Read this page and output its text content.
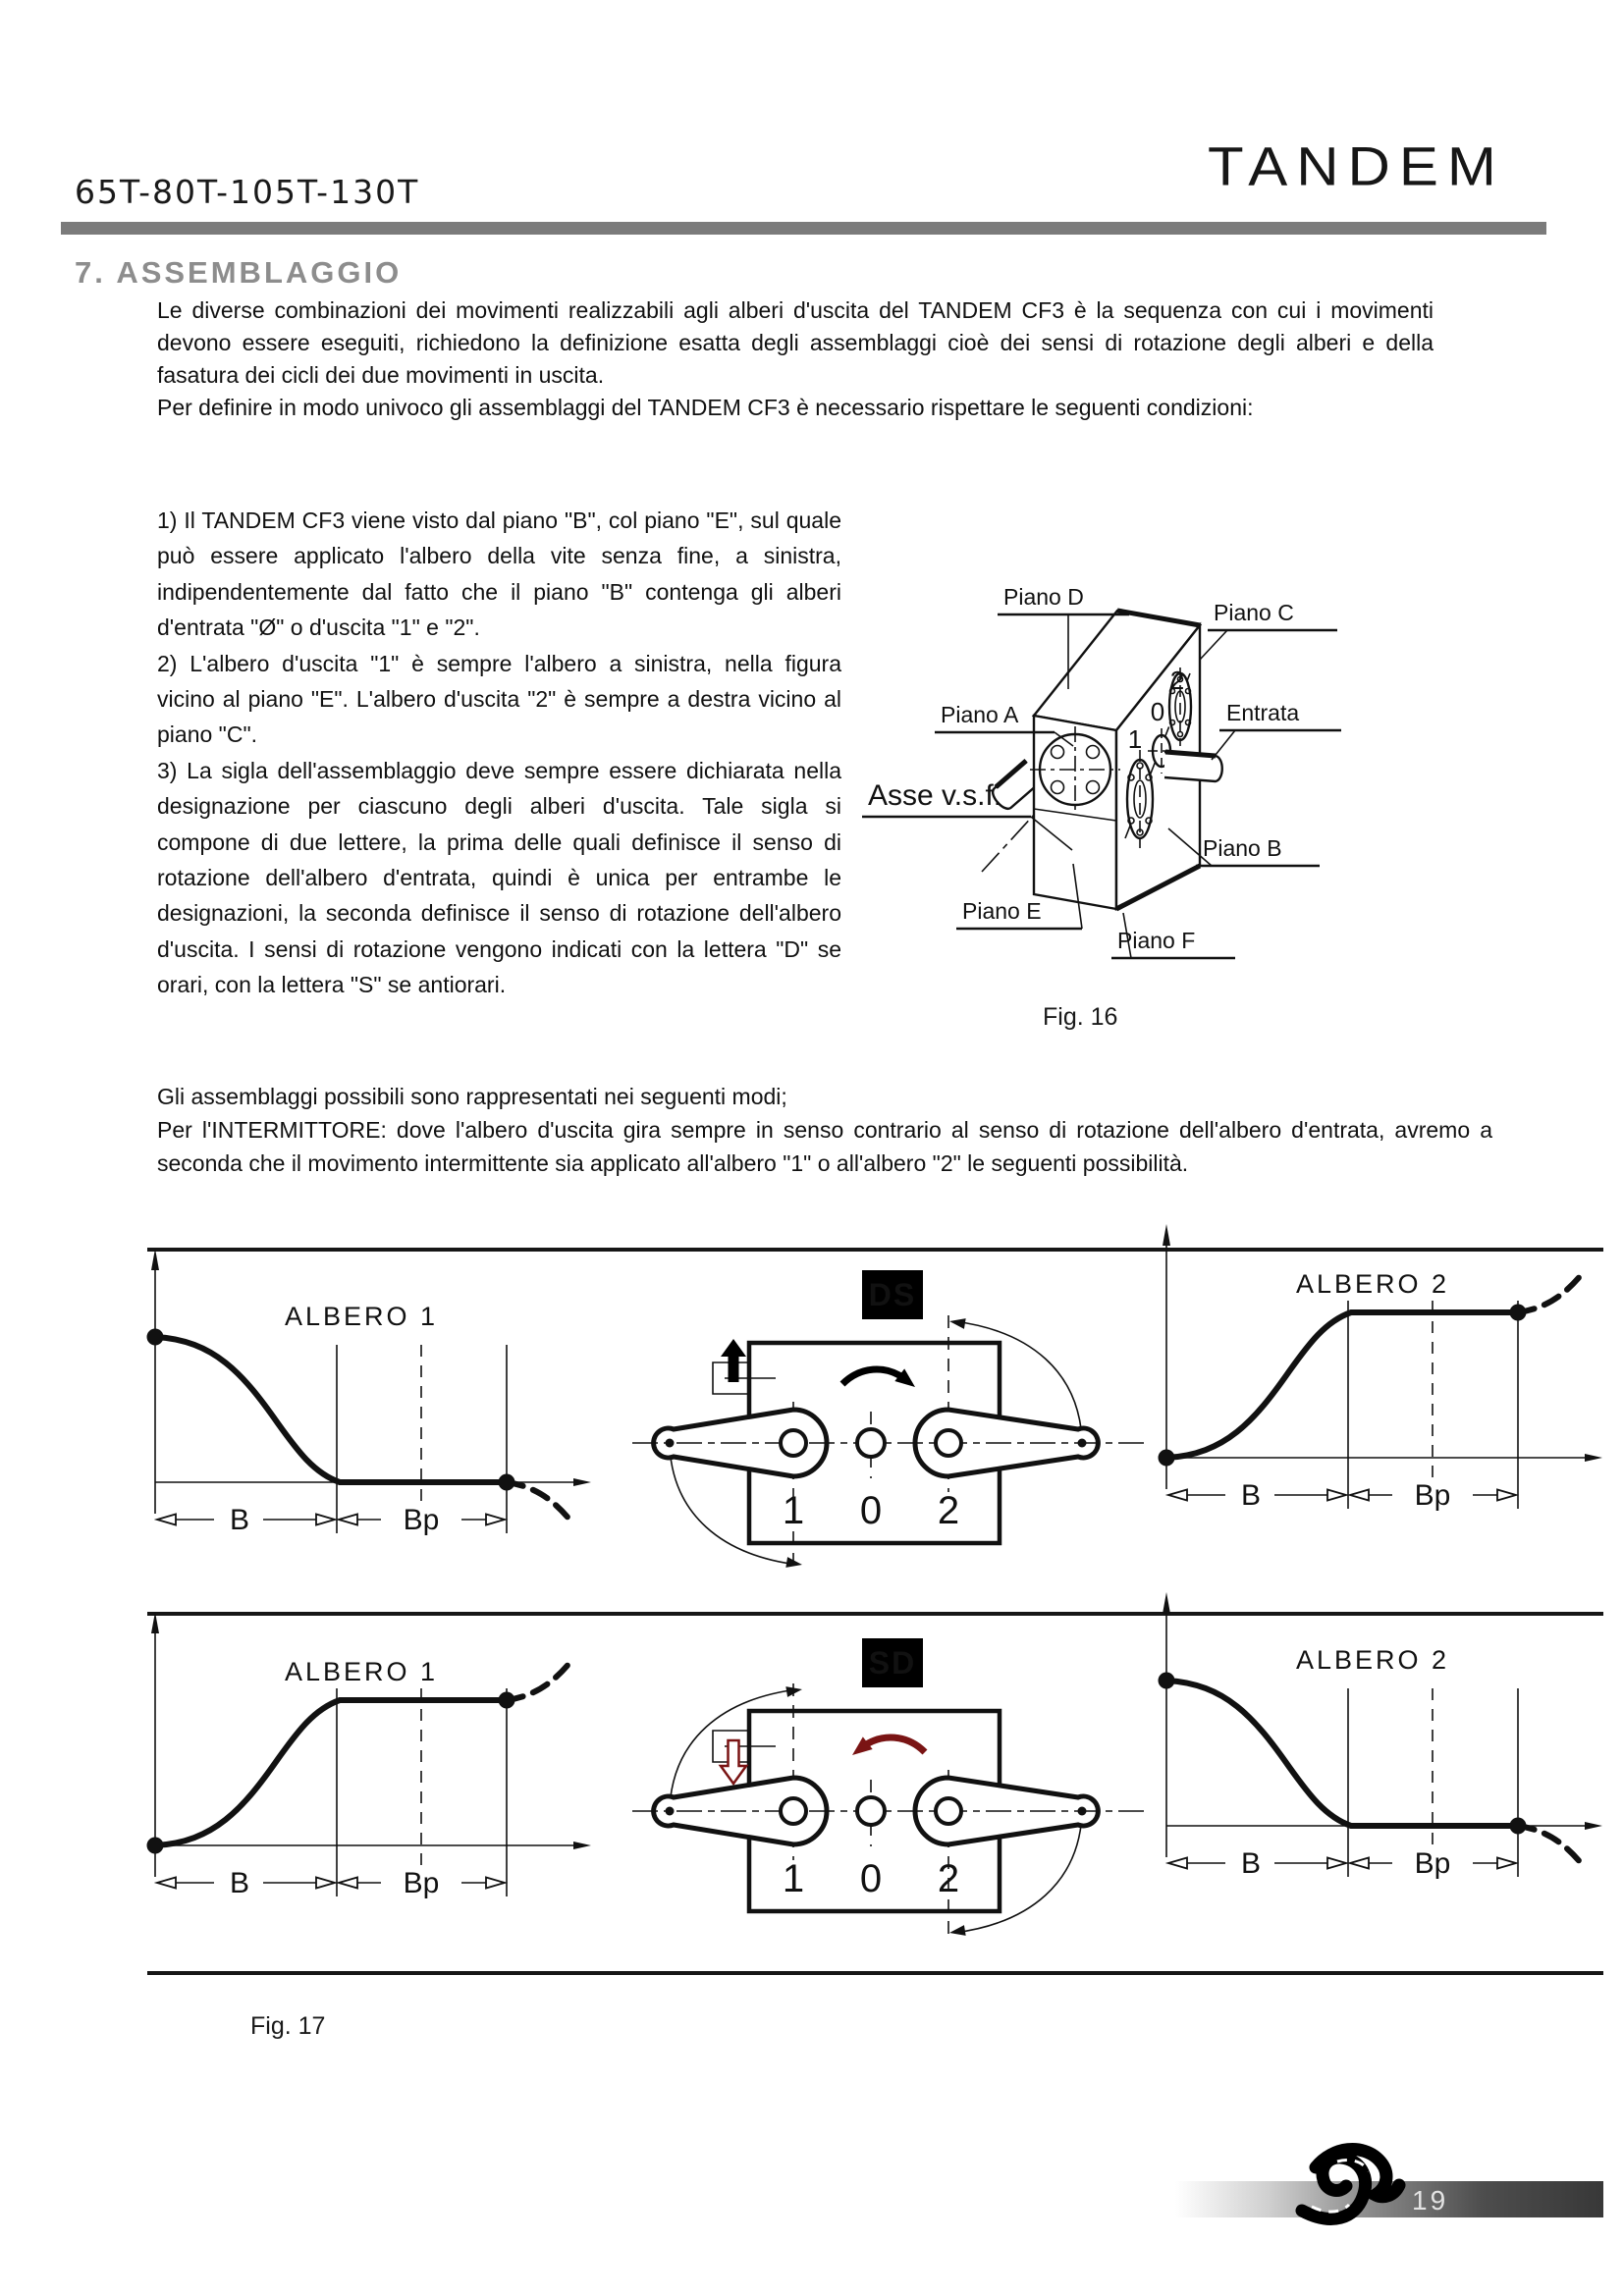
65T-80T-105T-130T	TANDEM
7. ASSEMBLAGGIO

Le diverse combinazioni dei movimenti realizzabili agli alberi d'uscita del TANDEM CF3 è la sequenza con cui i movimenti devono essere eseguiti, richiedono la definizione esatta degli assemblaggi cioè dei sensi di rotazione degli alberi e della fasatura dei cicli dei due movimenti in uscita.

Per definire in modo univoco gli assemblaggi del TANDEM CF3 è necessario rispettare le seguenti condizioni:

1) Il TANDEM CF3 viene visto dal piano "B", col piano "E", sul quale può essere applicato l'albero della vite senza fine, a sinistra, indipendentemente dal fatto che il piano "B" contenga gli alberi d'entrata "Ø" o d'uscita "1" e "2".

2) L'albero d'uscita "1" è sempre l'albero a sinistra, nella figura vicino al piano "E". L'albero d'uscita "2" è sempre a destra vicino al piano "C".

3) La sigla dell'assemblaggio deve sempre essere dichiarata nella designazione per ciascuno degli alberi d'uscita. Tale sigla si compone di due lettere, la prima delle quali definisce il senso di rotazione dell'albero d'entrata, quindi è unica per entrambe le designazioni, la seconda definisce il senso di rotazione dell'albero d'uscita. I sensi di rotazione vengono indicati con la lettera "D" se orari, con la lettera "S" se antiorari.

2
0
1
Piano D
Piano C
Piano A	Entrata
Asse v.s.f.
Piano B
Piano E
Piano F
Fig. 16

Gli assemblaggi possibili sono rappresentati nei seguenti modi;

Per l'INTERMITTORE: dove l'albero d'uscita gira sempre in senso contrario al senso di rotazione dell'albero d'entrata, avremo a seconda che il movimento intermittente sia applicato all'albero "1" o all'albero "2" le seguenti possibilità.

ALBERO 1
B	Bp
DS
1 0 2
ALBERO 2
B	Bp
ALBERO 1
B	Bp
SD
1 0 2
ALBERO 2
B	Bp
Fig. 17
19
